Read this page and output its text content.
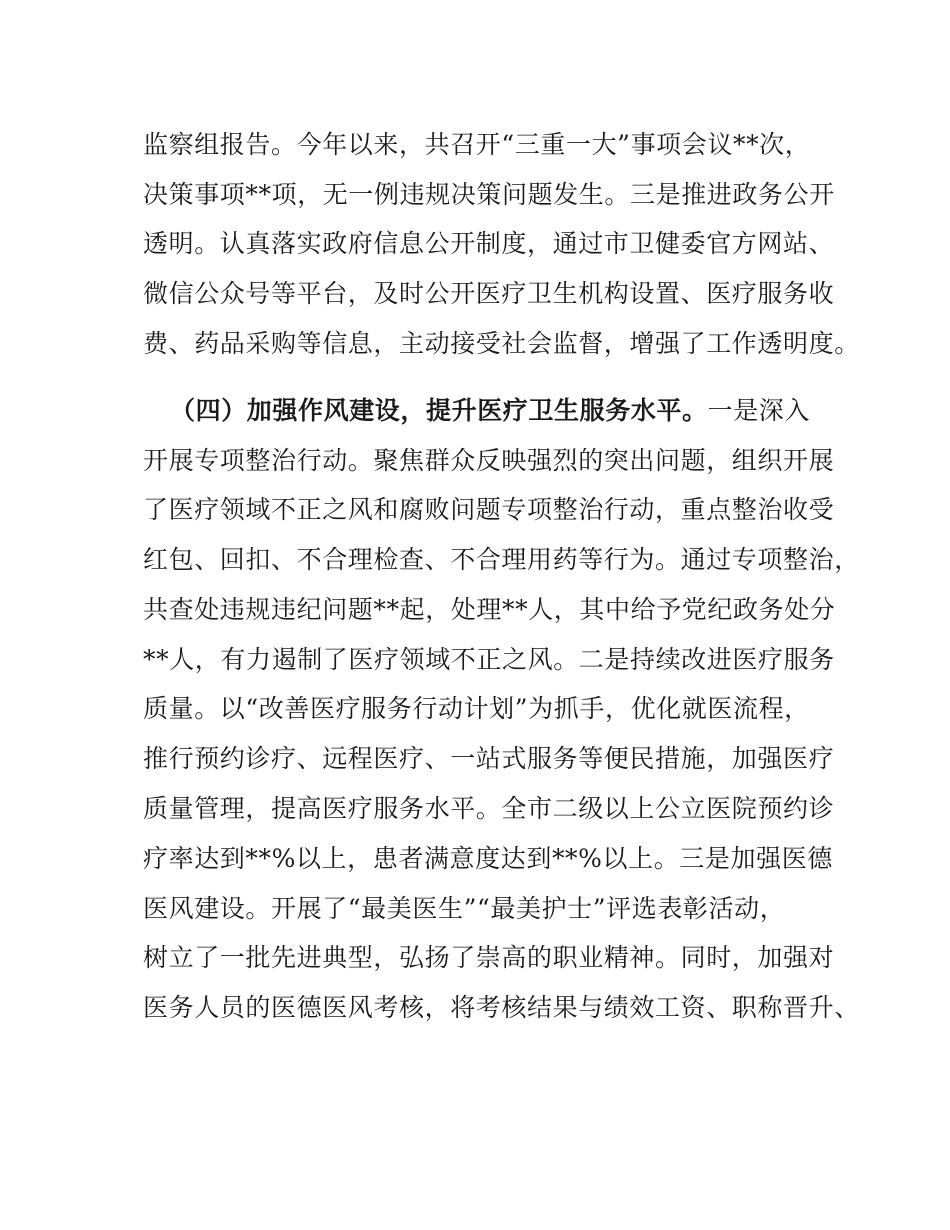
监察组报告。今年以来，共召开“三重一大”事项会议**次，
决策事项**项，无一例违规决策问题发生。三是推进政务公开
透明。认真落实政府信息公开制度，通过市卫健委官方网站、
微信公众号等平台，及时公开医疗卫生机构设置、医疗服务收
费、药品采购等信息，主动接受社会监督，增强了工作透明度。
（四）加强作风建设，提升医疗卫生服务水平。一是深入
开展专项整治行动。聚焦群众反映强烈的突出问题，组织开展
了医疗领域不正之风和腐败问题专项整治行动，重点整治收受
红包、回扣、不合理检查、不合理用药等行为。通过专项整治，
共查处违规违纪问题**起，处理**人，其中给予党纪政务处分
**人，有力遏制了医疗领域不正之风。二是持续改进医疗服务
质量。以“改善医疗服务行动计划”为抓手，优化就医流程，
推行预约诊疗、远程医疗、一站式服务等便民措施，加强医疗
质量管理，提高医疗服务水平。全市二级以上公立医院预约诊
疗率达到**%以上，患者满意度达到**%以上。三是加强医德
医风建设。开展了“最美医生”“最美护士”评选表彰活动，
树立了一批先进典型，弘扬了崇高的职业精神。同时，加强对
医务人员的医德医风考核，将考核结果与绩效工资、职称晋升、
